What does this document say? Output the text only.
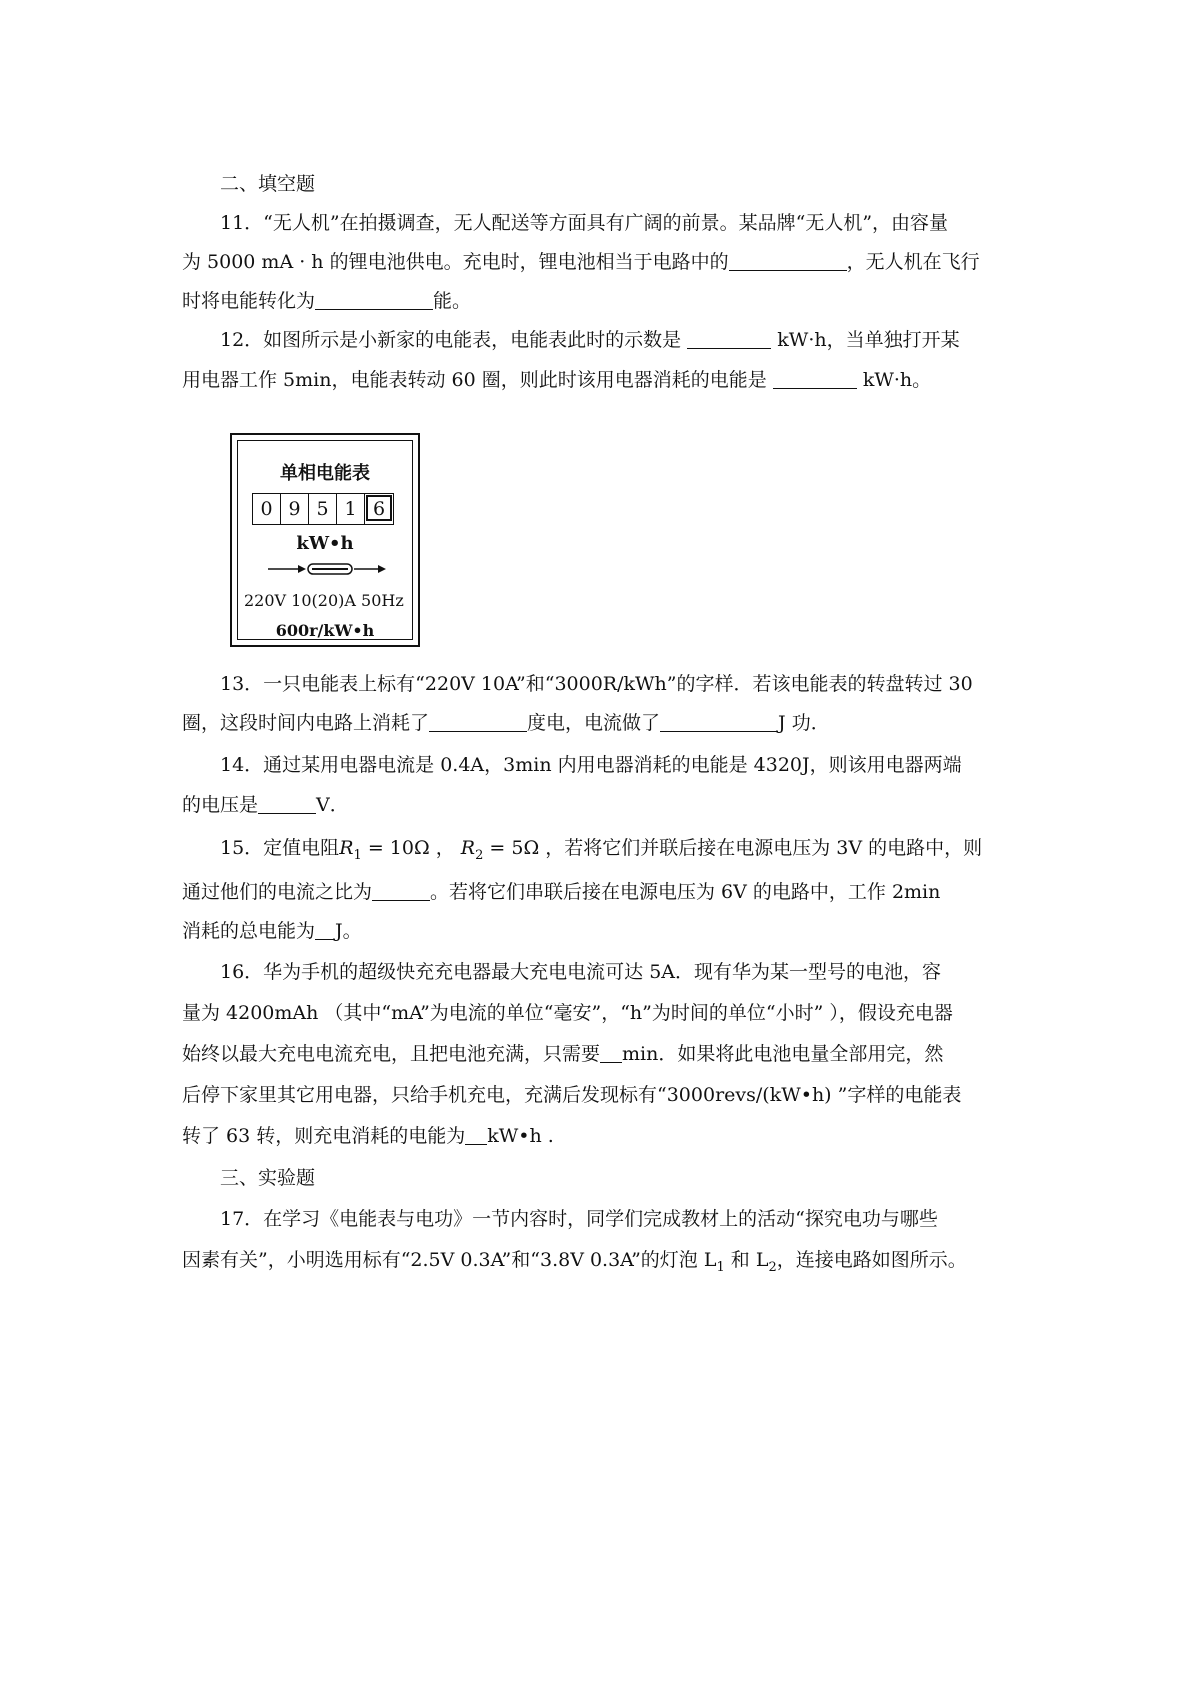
二、填空题
11．“无人机”在拍摄调查，无人配送等方面具有广阔的前景。某品牌“无人机”，由容量
为 5000 mA · h 的锂电池供电。充电时，锂电池相当于电路中的	，无人机在飞行
时将电能转化为	能。
12．如图所示是小新家的电能表，电能表此时的示数是	kW·h，当单独打开某
用电器工作 5min，电能表转动 60 圈，则此时该用电器消耗的电能是	kW·h。
单相电能表
0 9 5 1 6
kW•h
220V 10(20)A 50Hz
600r/kW•h
13．一只电能表上标有“220V 10A”和“3000R/kWh”的字样．若该电能表的转盘转过 30
圈，这段时间内电路上消耗了	度电，电流做了	J 功．
14．通过某用电器电流是 0.4A，3min 内用电器消耗的电能是 4320J，则该用电器两端
的电压是	V．
15．定值电阻$R_1 = 10\Omega$ ， $R_2 = 5\Omega$ ，若将它们并联后接在电源电压为 3V 的电路中，则
通过他们的电流之比为	。若将它们串联后接在电源电压为 6V 的电路中，工作 2min
消耗的总电能为 J。
16．华为手机的超级快充充电器最大充电电流可达 5A．现有华为某一型号的电池，容
量为 4200mAh （其中“mA”为电流的单位“毫安”，“h”为时间的单位“小时” ），假设充电器
始终以最大充电电流充电，且把电池充满，只需要 min．如果将此电池电量全部用完，然
后停下家里其它用电器，只给手机充电，充满后发现标有“3000revs/(kW•h) ”字样的电能表
转了 63 转，则充电消耗的电能为 kW•h .
三、实验题
17．在学习《电能表与电功》一节内容时，同学们完成教材上的活动“探究电功与哪些
因素有关”，小明选用标有“2.5V 0.3A”和“3.8V 0.3A”的灯泡 $L_1$ 和 $L_2$，连接电路如图所示。
